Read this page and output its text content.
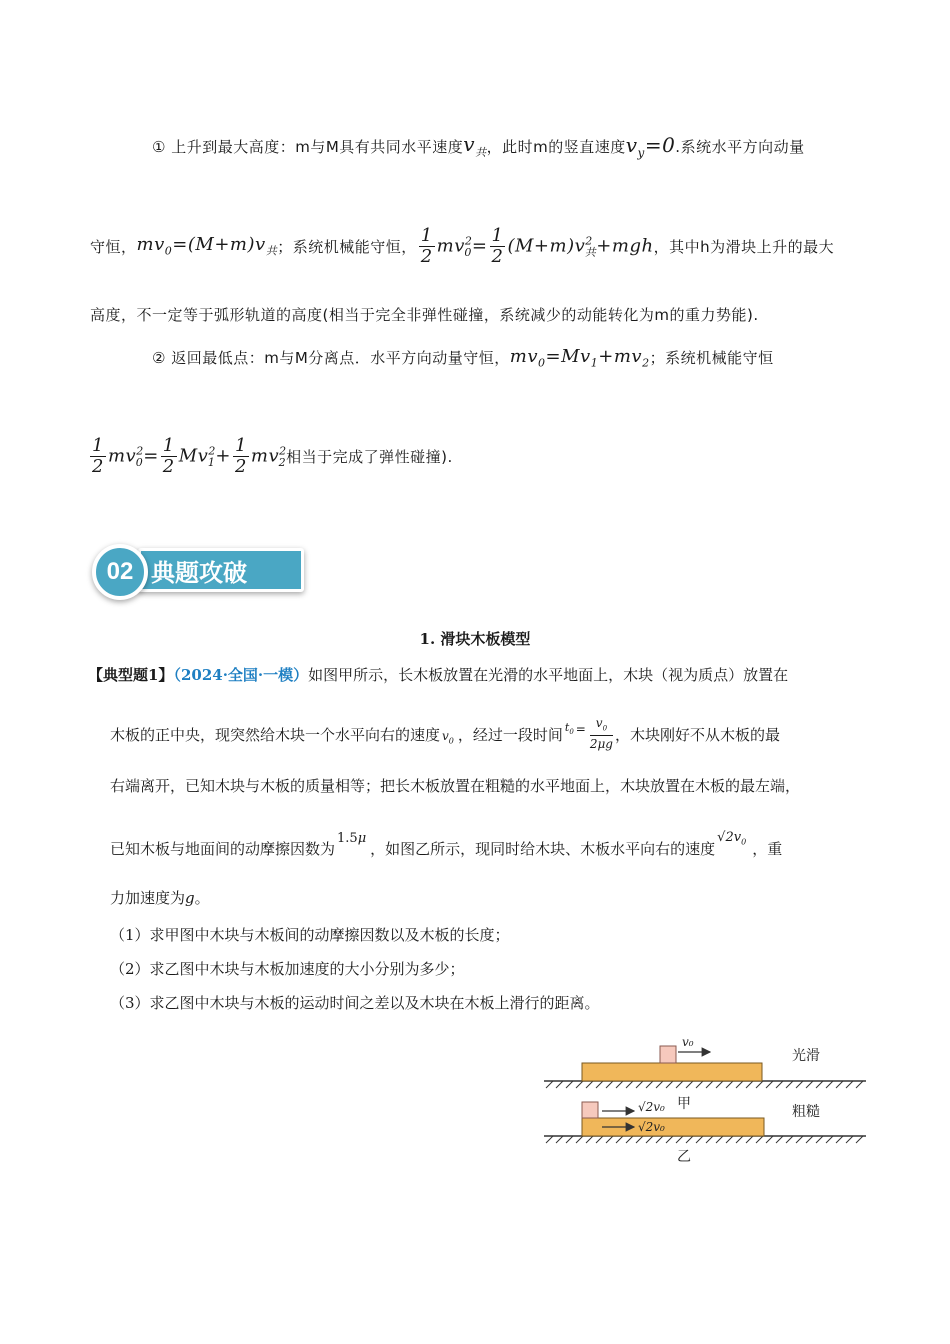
① 上升到最大高度：m与M具有共同水平速度 $v_共$ ，此时m的竖直速度 $v_y=0$ .系统水平方向动量
守恒， $mv_0=(M+m)v_共$ ；系统机械能守恒， $\frac{1}{2} mv^2_0= \frac{1}{2} (M+m)v^2_共+mgh$ ，其中h为滑块上升的最大
高度，不一定等于弧形轨道的高度(相当于完全非弹性碰撞，系统减少的动能转化为m的重力势能).
② 返回最低点：m与M分离点．水平方向动量守恒， $mv_0=Mv_1+mv_2$ ；系统机械能守恒
$\frac{1}{2} mv^2_0= \frac{1}{2} Mv^2_1+ \frac{1}{2} mv^2_2$ 相当于完成了弹性碰撞).
02 典题攻破
1. 滑块木板模型
【典型题1】（2024·全国·一模）如图甲所示，长木板放置在光滑的水平地面上，木块（视为质点）放置在
木板的正中央，现突然给木块一个水平向右的速度 $v_0$ ，经过一段时间 $t_0 = \frac{v_0}{2\mu g}$ ，木块刚好不从木板的最
右端离开，已知木块与木板的质量相等；把长木板放置在粗糙的水平地面上，木块放置在木板的最左端，
已知木板与地面间的动摩擦因数为
1.5μ
，如图乙所示，现同时给木块、木板水平向右的速度
$√2v_0$ ，重
力加速度为g。
（1）求甲图中木块与木板间的动摩擦因数以及木板的长度；
（2）求乙图中木块与木板加速度的大小分别为多少；
（3）求乙图中木块与木板的运动时间之差以及木块在木板上滑行的距离。
v₀
光滑
甲
√2v₀
√2v₀
粗糙
乙
